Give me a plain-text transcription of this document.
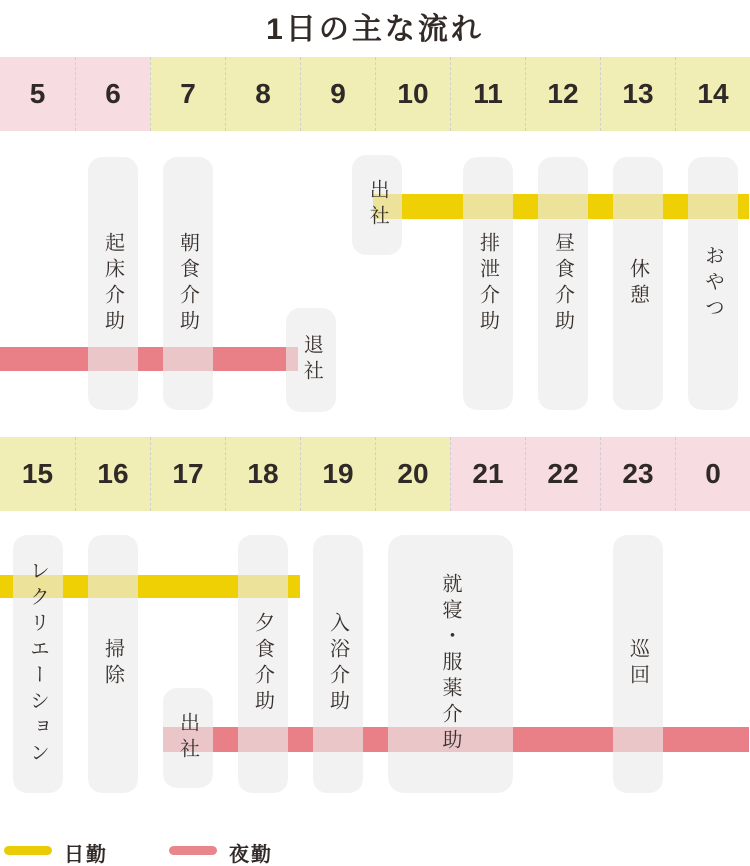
1日の主な流れ
5 6 7 8 9 10 11 12 13 14
起床介助	朝食介助
退社
出社
排泄介助	昼食介助	休憩	おやつ
15 16 17 18 19 20 21 22 23 0
レクリエーション	掃除
出社
夕食介助	入浴介助	就寝・服薬介助	巡回
日勤	夜勤
